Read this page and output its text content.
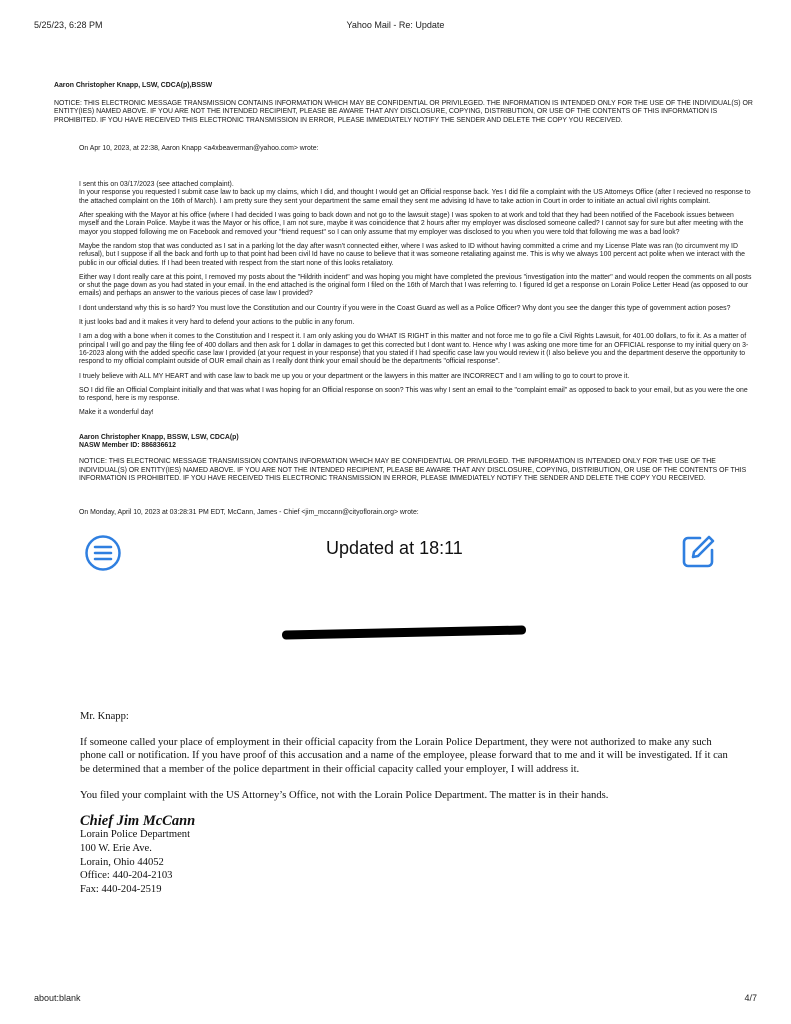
5/25/23, 6:28 PM	Yahoo Mail - Re: Update
Aaron Christopher Knapp, LSW, CDCA(p),BSSW
NOTICE: THIS ELECTRONIC MESSAGE TRANSMISSION CONTAINS INFORMATION WHICH MAY BE CONFIDENTIAL OR PRIVILEGED. THE INFORMATION IS INTENDED ONLY FOR THE USE OF THE INDIVIDUAL(S) OR ENTITY(IES) NAMED ABOVE. IF YOU ARE NOT THE INTENDED RECIPIENT, PLEASE BE AWARE THAT ANY DISCLOSURE, COPYING, DISTRIBUTION, OR USE OF THE CONTENTS OF THIS INFORMATION IS PROHIBITED. IF YOU HAVE RECEIVED THIS ELECTRONIC TRANSMISSION IN ERROR, PLEASE IMMEDIATELY NOTIFY THE SENDER AND DELETE THE COPY YOU RECEIVED.
On Apr 10, 2023, at 22:38, Aaron Knapp <a4xbeaverman@yahoo.com> wrote:
I sent this on 03/17/2023 (see attached complaint).
In your response you requested I submit case law to back up my claims, which I did, and thought I would get an Official response back. Yes I did file a complaint with the US Attorneys Office (after I recieved no response to the attached complaint on the 16th of March). I am pretty sure they sent your department the same email they sent me advising Id have to take action in Court in order to initiate an actual civil rights complaint.
After speaking with the Mayor at his office (where I had decided I was going to back down and not go to the lawsuit stage) I was spoken to at work and told that they had been notified of the Facebook issues between myself and the Lorain Police. Maybe it was the Mayor or his office, I am not sure, maybe it was coincidence that 2 hours after my employer was disclosed someone called? I cannot say for sure but after meeting with the mayor you stopped following me on Facebook and removed your "friend request" so I can only assume that my employer was disclosed to you when you were told that following me was a bad look?
Maybe the random stop that was conducted as I sat in a parking lot the day after wasn't connected either, where I was asked to ID without having committed a crime and my License Plate was ran (to circumvent my ID refusal), but I suppose if all the back and forth up to that point had been civil Id have no cause to believe that it was someone retaliating against me. This is why we always 100 percent act polite when we interact with the public in our official duties. If I had been treated with respect from the start none of this looks retaliatory.
Either way I dont really care at this point, I removed my posts about the "Hildrith incident" and was hoping you might have completed the previous "investigation into the matter" and would reopen the comments on all posts or shut the page down as you had stated in your email. In the end attached is the original form I filed on the 16th of March that I was referring to. I figured Id get a response on Lorain Police Letter Head (as opposed to our emails) and perhaps an answer to the various pieces of case law I provided?
I dont understand why this is so hard? You must love the Constitution and our Country if you were in the Coast Guard as well as a Police Officer? Why dont you see the danger this type of government action poses?
It just looks bad and it makes it very hard to defend your actions to the public in any forum.
I am a dog with a bone when it comes to the Constitution and I respect it. I am only asking you do WHAT IS RIGHT in this matter and not force me to go file a Civil Rights Lawsuit, for 401.00 dollars, to fix it. As a matter of principal I will go and pay the filing fee of 400 dollars and then ask for 1 dollar in damages to get this corrected but I dont want to. Hence why I was asking one more time for an OFFICIAL response to my initial query on 3-16-2023 along with the added specific case law I provided (at your request in your response) that you stated if I had specific case law you would review it (I also believe you and the department deserve the opportunity to respond to my official complaint outside of OUR email chain as I really dont think your email should be the departments "official response".
I truely believe with ALL MY HEART and with case law to back me up you or your department or the lawyers in this matter are INCORRECT and I am willing to go to court to prove it.
SO I did file an Official Complaint initially and that was what I was hoping for an Official response on soon? This was why I sent an email to the "complaint email" as opposed to back to your email, but as you were the one to respond, here is my response.
Make it a wonderful day!
Aaron Christopher Knapp, BSSW, LSW, CDCA(p)
NASW Member ID: 886836612
NOTICE: THIS ELECTRONIC MESSAGE TRANSMISSION CONTAINS INFORMATION WHICH MAY BE CONFIDENTIAL OR PRIVILEGED. THE INFORMATION IS INTENDED ONLY FOR THE USE OF THE INDIVIDUAL(S) OR ENTITY(IES) NAMED ABOVE. IF YOU ARE NOT THE INTENDED RECIPIENT, PLEASE BE AWARE THAT ANY DISCLOSURE, COPYING, DISTRIBUTION, OR USE OF THE CONTENTS OF THIS INFORMATION IS PROHIBITED. IF YOU HAVE RECEIVED THIS ELECTRONIC TRANSMISSION IN ERROR, PLEASE IMMEDIATELY NOTIFY THE SENDER AND DELETE THE COPY YOU RECEIVED.
On Monday, April 10, 2023 at 03:28:31 PM EDT, McCann, James - Chief <jim_mccann@cityoflorain.org> wrote:
Mr. Knapp:
If someone called your place of employment in their official capacity from the Lorain Police Department, they were not authorized to make any such phone call or notification. If you have proof of this accusation and a name of the employee, please forward that to me and it will be investigated. If it can be determined that a member of the police department in their official capacity called your employer, I will address it.
You filed your complaint with the US Attorney’s Office, not with the Lorain Police Department. The matter is in their hands.
Chief Jim McCann
Lorain Police Department
100 W. Erie Ave.
Lorain, Ohio 44052
Office: 440-204-2103
Fax: 440-204-2519
Updated at 18:11
about:blank	4/7
